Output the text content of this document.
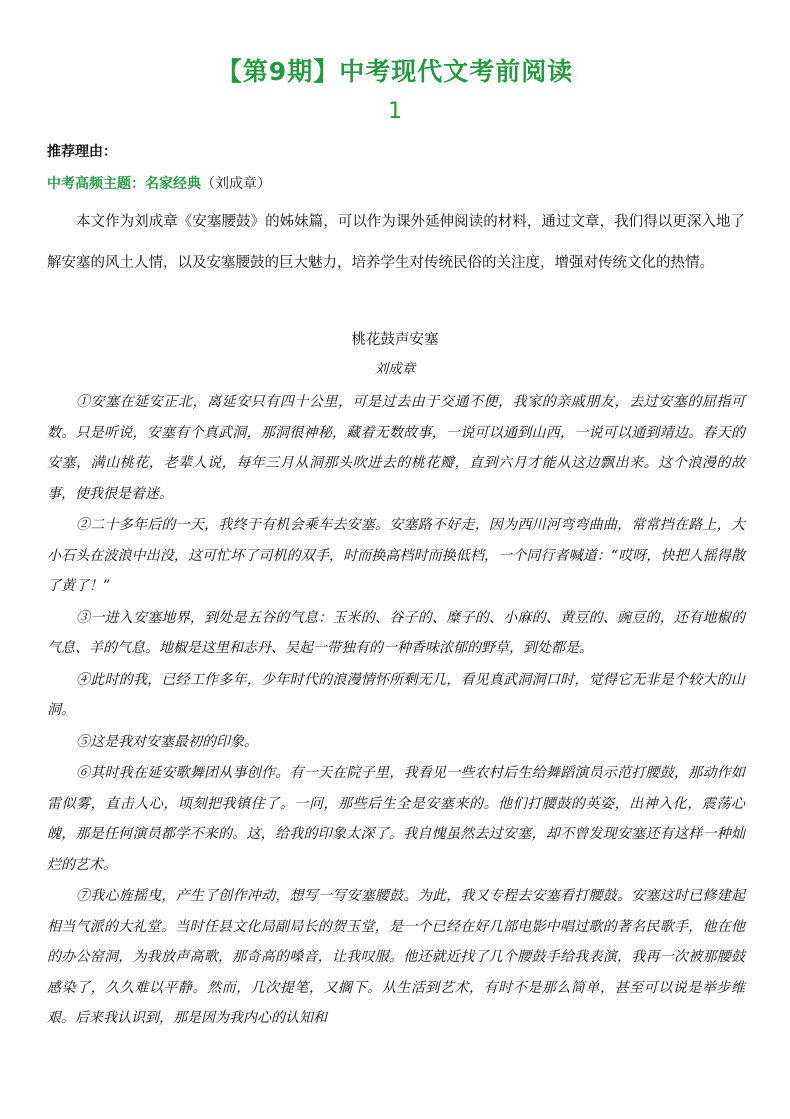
【第9期】中考现代文考前阅读
1
推荐理由：
中考高频主题：名家经典（刘成章）

本文作为刘成章《安塞腰鼓》的姊妹篇，可以作为课外延伸阅读的材料，通过文章，我们得以更深入地了解安塞的风土人情，以及安塞腰鼓的巨大魅力，培养学生对传统民俗的关注度，增强对传统文化的热情。

桃花鼓声安塞
刘成章

①安塞在延安正北，离延安只有四十公里，可是过去由于交通不便，我家的亲戚朋友，去过安塞的屈指可数。只是听说，安塞有个真武洞，那洞很神秘，藏着无数故事，一说可以通到山西，一说可以通到靖边。春天的安塞，满山桃花，老辈人说，每年三月从洞那头吹进去的桃花瓣，直到六月才能从这边飘出来。这个浪漫的故事，使我很是着迷。

②二十多年后的一天，我终于有机会乘车去安塞。安塞路不好走，因为西川河弯弯曲曲，常常挡在路上，大小石头在波浪中出没，这可忙坏了司机的双手，时而换高档时而换低档，一个同行者喊道：“哎呀，快把人摇得散了黄了！”

③一进入安塞地界，到处是五谷的气息：玉米的、谷子的、糜子的、小麻的、黄豆的、豌豆的，还有地椒的气息、羊的气息。地椒是这里和志丹、吴起一带独有的一种香味浓郁的野草，到处都是。

④此时的我，已经工作多年，少年时代的浪漫情怀所剩无几，看见真武洞洞口时，觉得它无非是个较大的山洞。

⑤这是我对安塞最初的印象。

⑥其时我在延安歌舞团从事创作。有一天在院子里，我看见一些农村后生给舞蹈演员示范打腰鼓，那动作如雷似雾，直击人心，顷刻把我镇住了。一问，那些后生全是安塞来的。他们打腰鼓的英姿，出神入化，震荡心魄，那是任何演员都学不来的。这，给我的印象太深了。我自愧虽然去过安塞，却不曾发现安塞还有这样一种灿烂的艺术。

⑦我心旌摇曳，产生了创作冲动，想写一写安塞腰鼓。为此，我又专程去安塞看打腰鼓。安塞这时已修建起相当气派的大礼堂。当时任县文化局副局长的贺玉堂，是一个已经在好几部电影中唱过歌的著名民歌手，他在他的办公窑洞，为我放声高歌，那奇高的嗓音，让我叹服。他还就近找了几个腰鼓手给我表演，我再一次被那腰鼓感染了，久久难以平静。然而，几次提笔，又搁下。从生活到艺术，有时不是那么简单，甚至可以说是举步维艰。后来我认识到，那是因为我内心的认知和
